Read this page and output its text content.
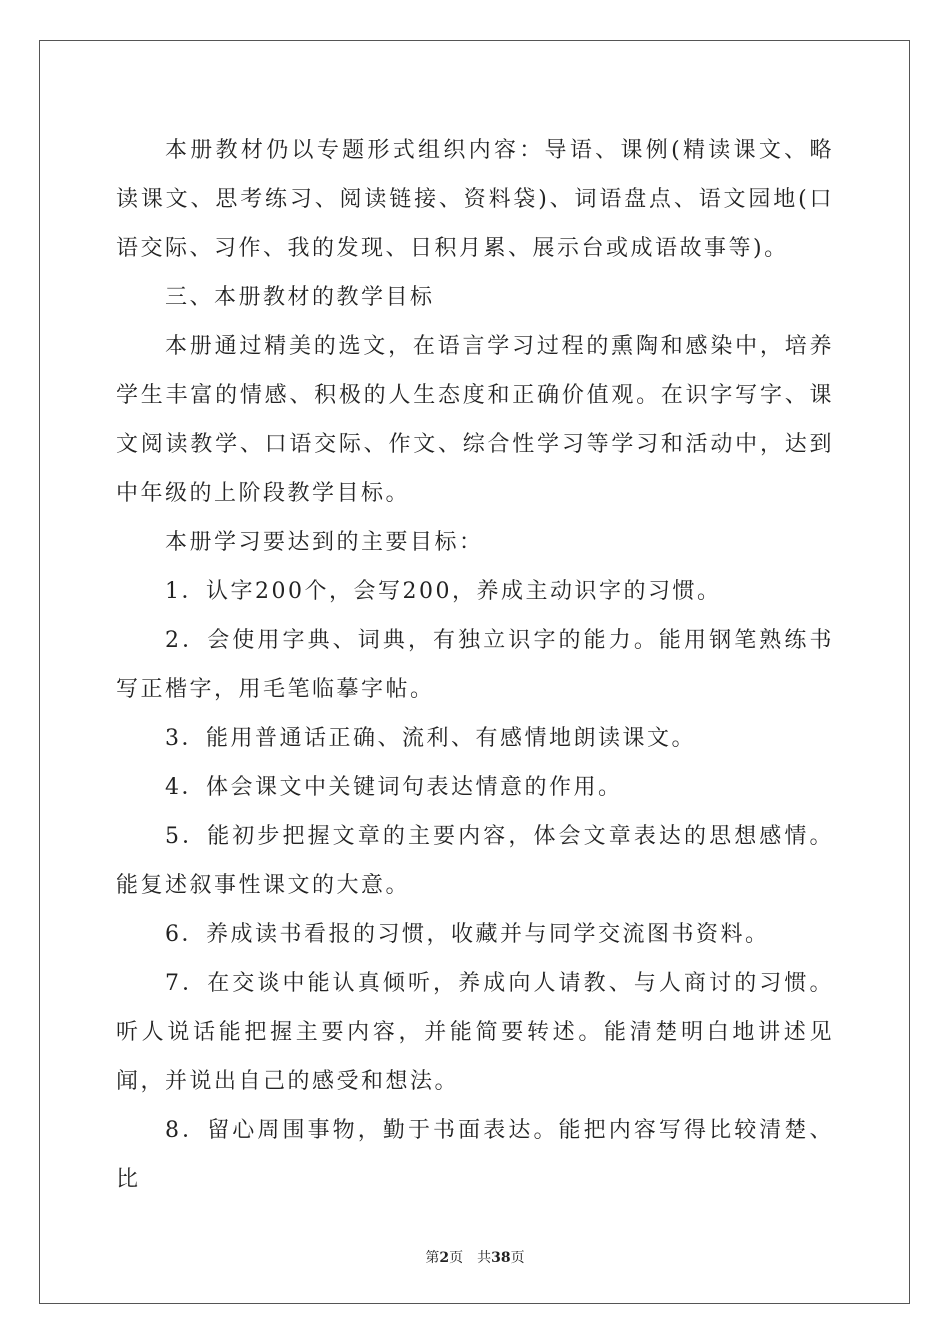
本册教材仍以专题形式组织内容：导语、课例(精读课文、略读课文、思考练习、阅读链接、资料袋)、词语盘点、语文园地(口语交际、习作、我的发现、日积月累、展示台或成语故事等)。

三、本册教材的教学目标

本册通过精美的选文，在语言学习过程的熏陶和感染中，培养学生丰富的情感、积极的人生态度和正确价值观。在识字写字、课文阅读教学、口语交际、作文、综合性学习等学习和活动中，达到中年级的上阶段教学目标。

本册学习要达到的主要目标：

1．认字200个，会写200，养成主动识字的习惯。

2．会使用字典、词典，有独立识字的能力。能用钢笔熟练书写正楷字，用毛笔临摹字帖。

3．能用普通话正确、流利、有感情地朗读课文。

4．体会课文中关键词句表达情意的作用。

5．能初步把握文章的主要内容，体会文章表达的思想感情。能复述叙事性课文的大意。

6．养成读书看报的习惯，收藏并与同学交流图书资料。

7．在交谈中能认真倾听，养成向人请教、与人商讨的习惯。听人说话能把握主要内容，并能简要转述。能清楚明白地讲述见闻，并说出自己的感受和想法。

8．留心周围事物，勤于书面表达。能把内容写得比较清楚、比

第2页 共38页
